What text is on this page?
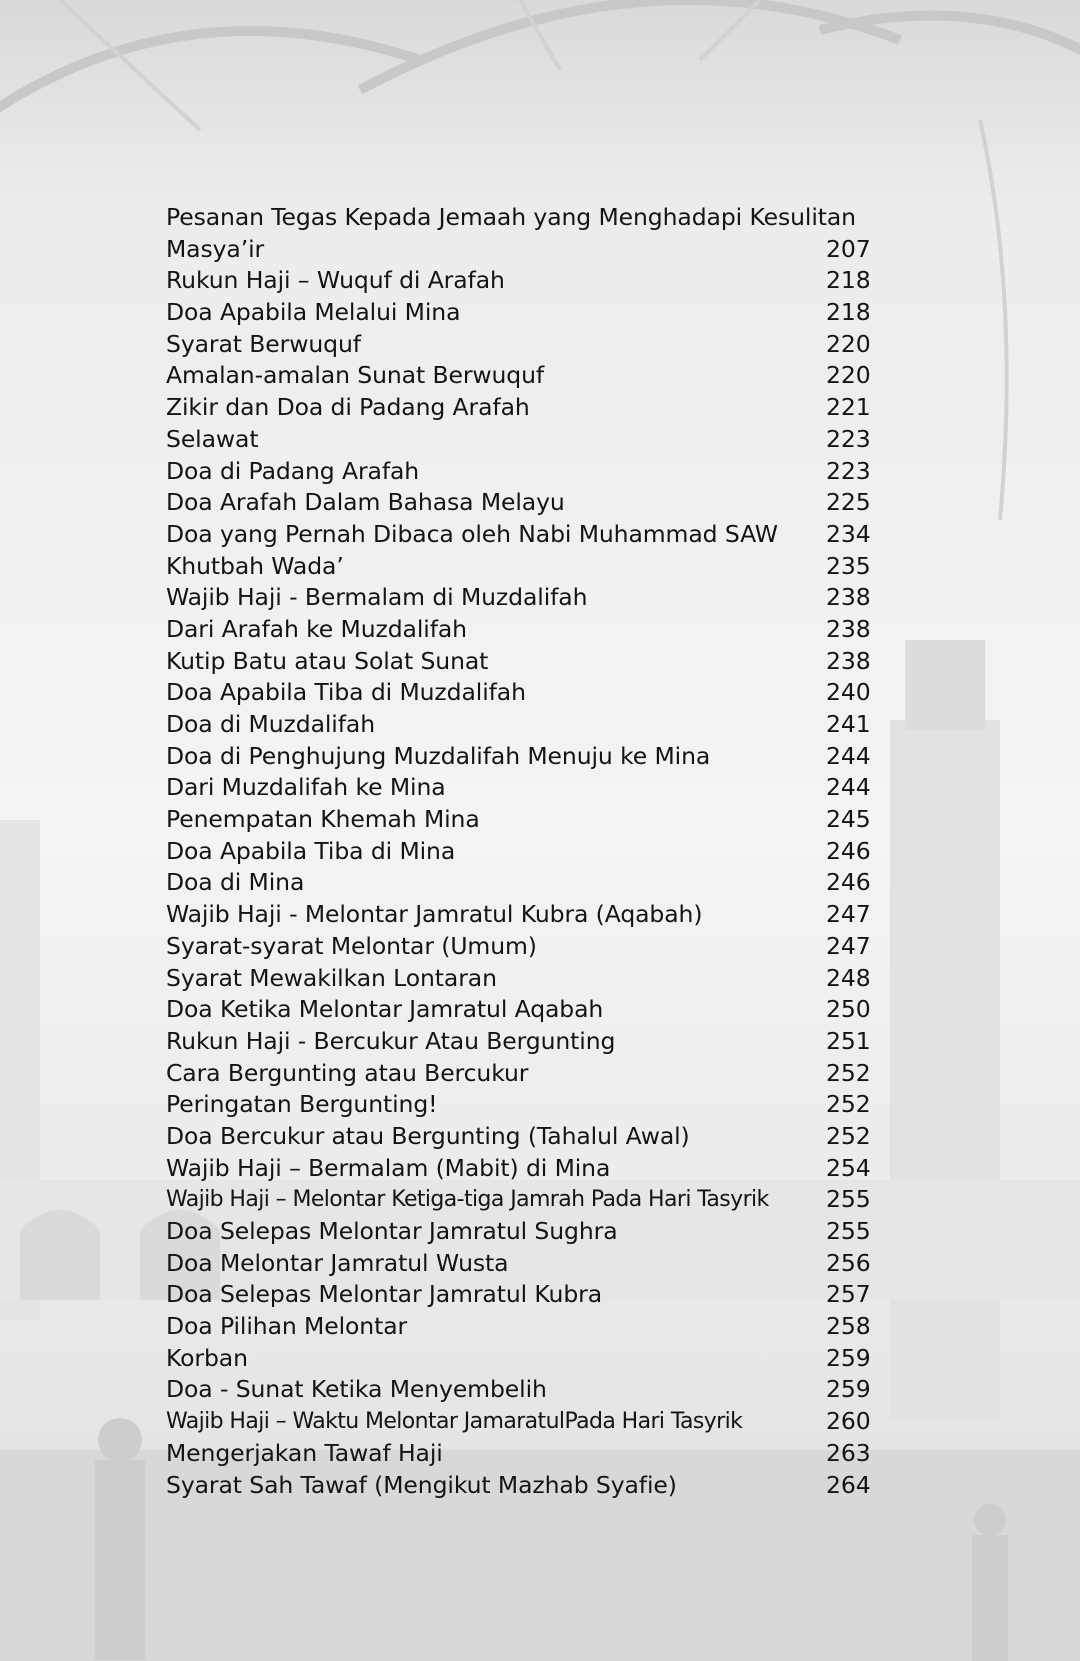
Pesanan Tegas Kepada Jemaah yang Menghadapi Kesulitan
Masya’ir	207
Rukun Haji – Wuquf di Arafah	218
Doa Apabila Melalui Mina	218
Syarat Berwuquf	220
Amalan-amalan Sunat Berwuquf	220
Zikir dan Doa di Padang Arafah	221
Selawat	223
Doa di Padang Arafah	223
Doa Arafah Dalam Bahasa Melayu	225
Doa yang Pernah Dibaca oleh Nabi Muhammad SAW 234
Khutbah Wada’	235
Wajib Haji - Bermalam di Muzdalifah	238
Dari Arafah ke Muzdalifah	238
Kutip Batu atau Solat Sunat	238
Doa Apabila Tiba di Muzdalifah	240
Doa di Muzdalifah	241
Doa di Penghujung Muzdalifah Menuju ke Mina	244
Dari Muzdalifah ke Mina	244
Penempatan Khemah Mina	245
Doa Apabila Tiba di Mina	246
Doa di Mina	246
Wajib Haji - Melontar Jamratul Kubra (Aqabah)	247
Syarat-syarat Melontar (Umum)	247
Syarat Mewakilkan Lontaran	248
Doa Ketika Melontar Jamratul Aqabah	250
Rukun Haji - Bercukur Atau Bergunting	251
Cara Bergunting atau Bercukur	252
Peringatan Bergunting!	252
Doa Bercukur atau Bergunting (Tahalul Awal)	252
Wajib Haji – Bermalam (Mabit) di Mina	254
Wajib Haji – Melontar Ketiga-tiga Jamrah Pada Hari Tasyrik 255
Doa Selepas Melontar Jamratul Sughra	255
Doa Melontar Jamratul Wusta	256
Doa Selepas Melontar Jamratul Kubra	257
Doa Pilihan Melontar	258
Korban	259
Doa - Sunat Ketika Menyembelih	259
Wajib Haji – Waktu Melontar JamaratulPada Hari Tasyrik	260
Mengerjakan Tawaf Haji	263
Syarat Sah Tawaf (Mengikut Mazhab Syafie)	264
